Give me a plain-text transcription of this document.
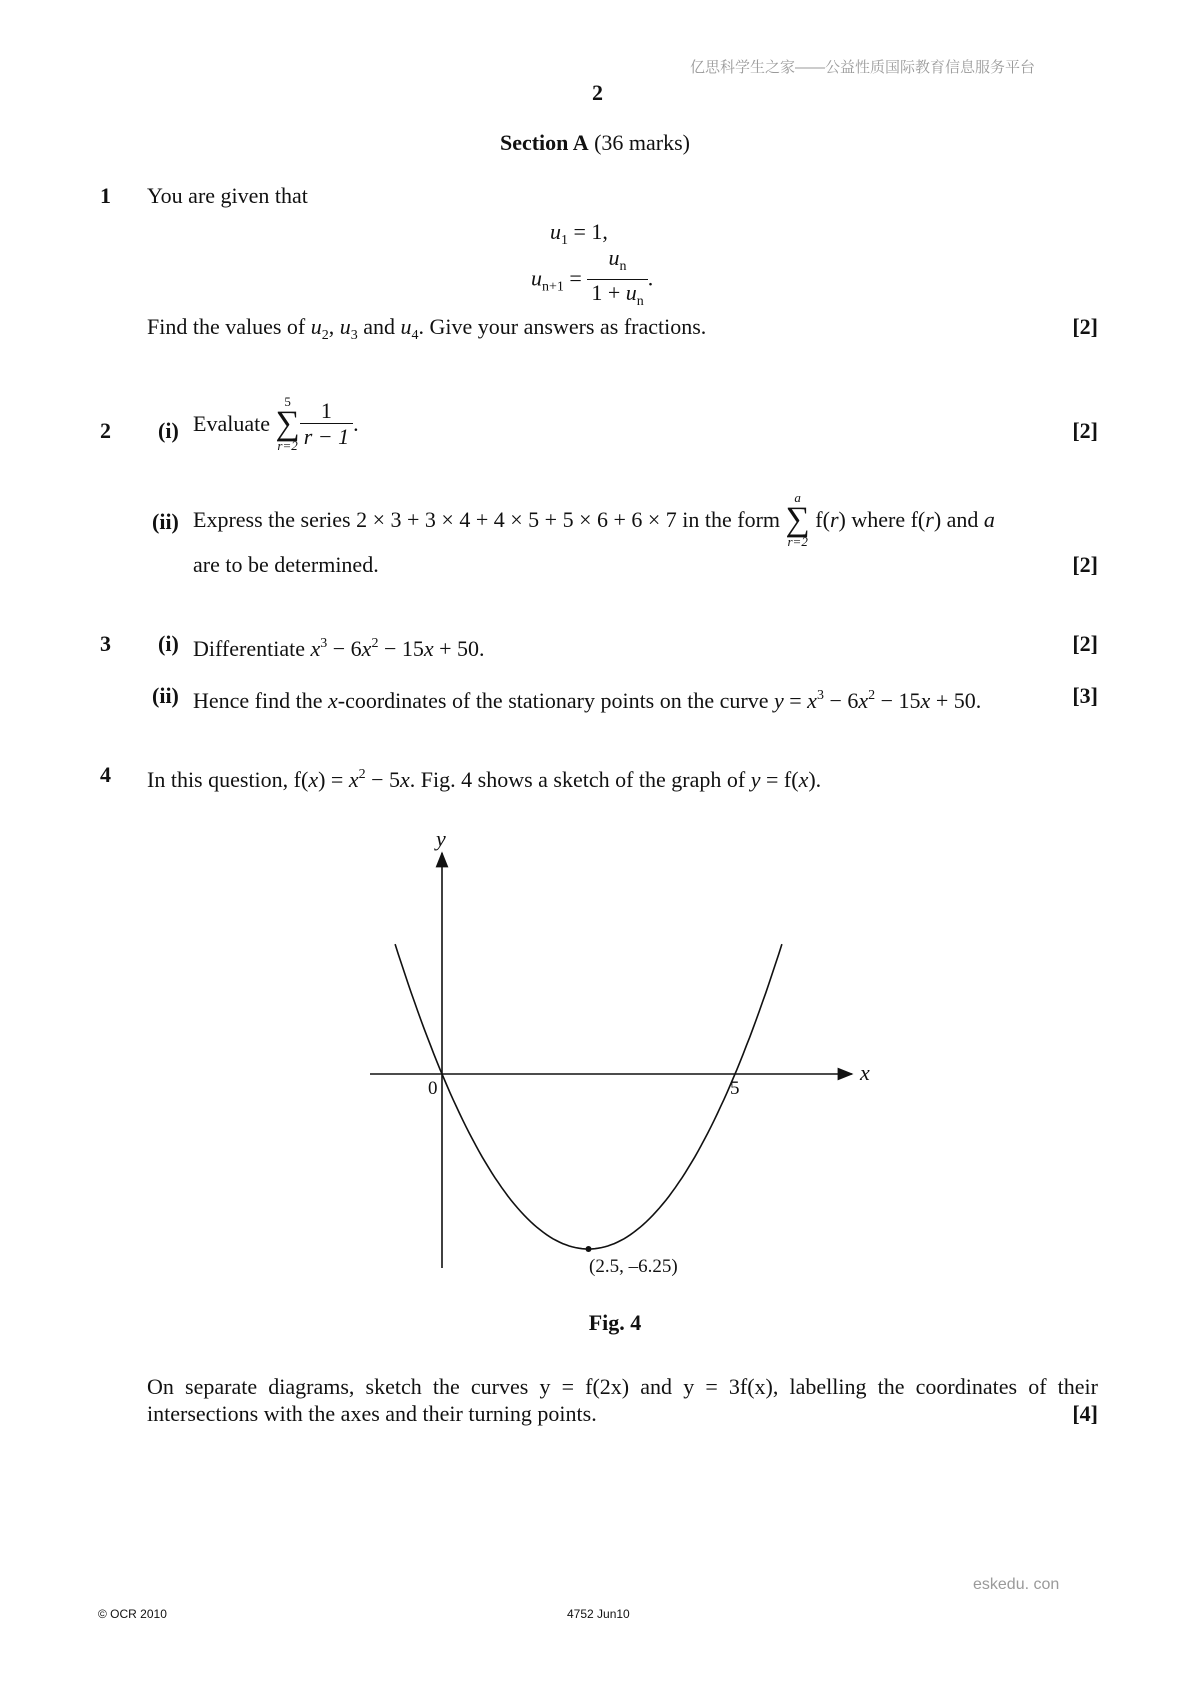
亿思科学生之家——公益性质国际教育信息服务平台
2
Section A (36 marks)
1 You are given that
$u_1 = 1$,
$u_{n+1} = \frac{u_n}{1 + u_n}$ .
Find the values of $u_2$, $u_3$ and $u_4$. Give your answers as fractions.	[2]
2 (i) Evaluate
5
∑
$r=2 \frac{1}{r - 1}$ .	[2]
(ii) Express the series 2 × 3 + 3 × 4 + 4 × 5 + 5 × 6 + 6 × 7 in the form
a
∑
r=2
f(r) where f(r) and a
are to be determined.	[2]
3 (i) Differentiate $x^3 - 6x^2 - 15x + 50$.	[2]
(ii) Hence find the x-coordinates of the stationary points on the curve $y = x^3 - 6x^2 - 15x + 50$.	[3]
4 In this question, $f(x) = x^2 - 5x$. Fig. 4 shows a sketch of the graph of y = f(x).
y
x
0	5
(2.5, –6.25)
Fig. 4
On separate diagrams, sketch the curves y = f(2x) and y = 3f(x), labelling the coordinates of their
intersections with the axes and their turning points.	[4]
eskedu. con
© OCR 2010	4752 Jun10
